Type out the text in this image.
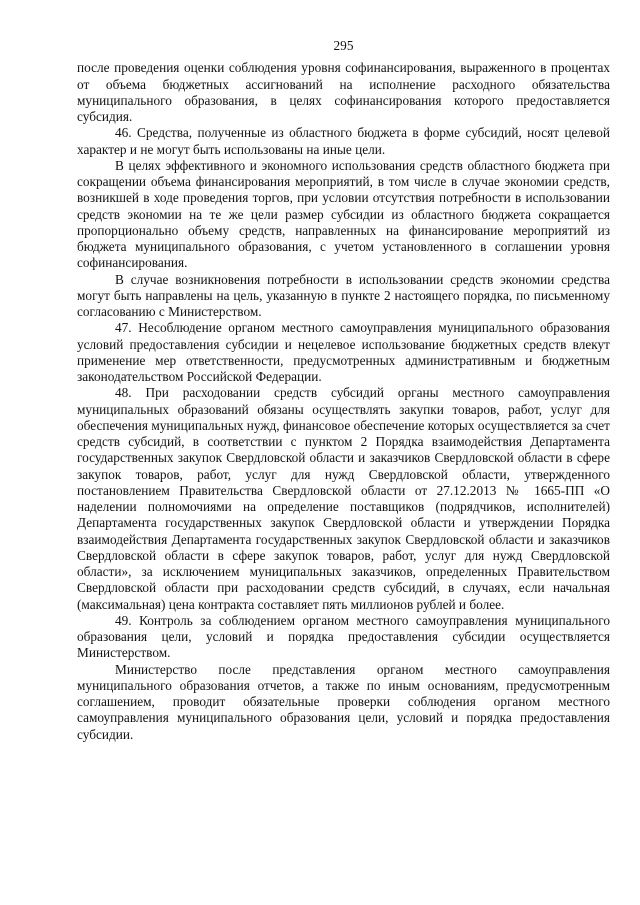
295

после проведения оценки соблюдения уровня софинансирования, выраженного в процентах от объема бюджетных ассигнований на исполнение расходного обязательства муниципального образования, в целях софинансирования которого предоставляется субсидия.

46. Средства, полученные из областного бюджета в форме субсидий, носят целевой характер и не могут быть использованы на иные цели.

В целях эффективного и экономного использования средств областного бюджета при сокращении объема финансирования мероприятий, в том числе в случае экономии средств, возникшей в ходе проведения торгов, при условии отсутствия потребности в использовании средств экономии на те же цели размер субсидии из областного бюджета сокращается пропорционально объему средств, направленных на финансирование мероприятий из бюджета муниципального образования, с учетом установленного в соглашении уровня софинансирования.

В случае возникновения потребности в использовании средств экономии средства могут быть направлены на цель, указанную в пункте 2 настоящего порядка, по письменному согласованию с Министерством.

47. Несоблюдение органом местного самоуправления муниципального образования условий предоставления субсидии и нецелевое использование бюджетных средств влекут применение мер ответственности, предусмотренных административным и бюджетным законодательством Российской Федерации.

48. При расходовании средств субсидий органы местного самоуправления муниципальных образований обязаны осуществлять закупки товаров, работ, услуг для обеспечения муниципальных нужд, финансовое обеспечение которых осуществляется за счет средств субсидий, в соответствии с пунктом 2 Порядка взаимодействия Департамента государственных закупок Свердловской области и заказчиков Свердловской области в сфере закупок товаров, работ, услуг для нужд Свердловской области, утвержденного постановлением Правительства Свердловской области от 27.12.2013 № 1665-ПП «О наделении полномочиями на определение поставщиков (подрядчиков, исполнителей) Департамента государственных закупок Свердловской области и утверждении Порядка взаимодействия Департамента государственных закупок Свердловской области и заказчиков Свердловской области в сфере закупок товаров, работ, услуг для нужд Свердловской области», за исключением муниципальных заказчиков, определенных Правительством Свердловской области при расходовании средств субсидий, в случаях, если начальная (максимальная) цена контракта составляет пять миллионов рублей и более.

49. Контроль за соблюдением органом местного самоуправления муниципального образования цели, условий и порядка предоставления субсидии осуществляется Министерством.

Министерство после представления органом местного самоуправления муниципального образования отчетов, а также по иным основаниям, предусмотренным соглашением, проводит обязательные проверки соблюдения органом местного самоуправления муниципального образования цели, условий и порядка предоставления субсидии.
